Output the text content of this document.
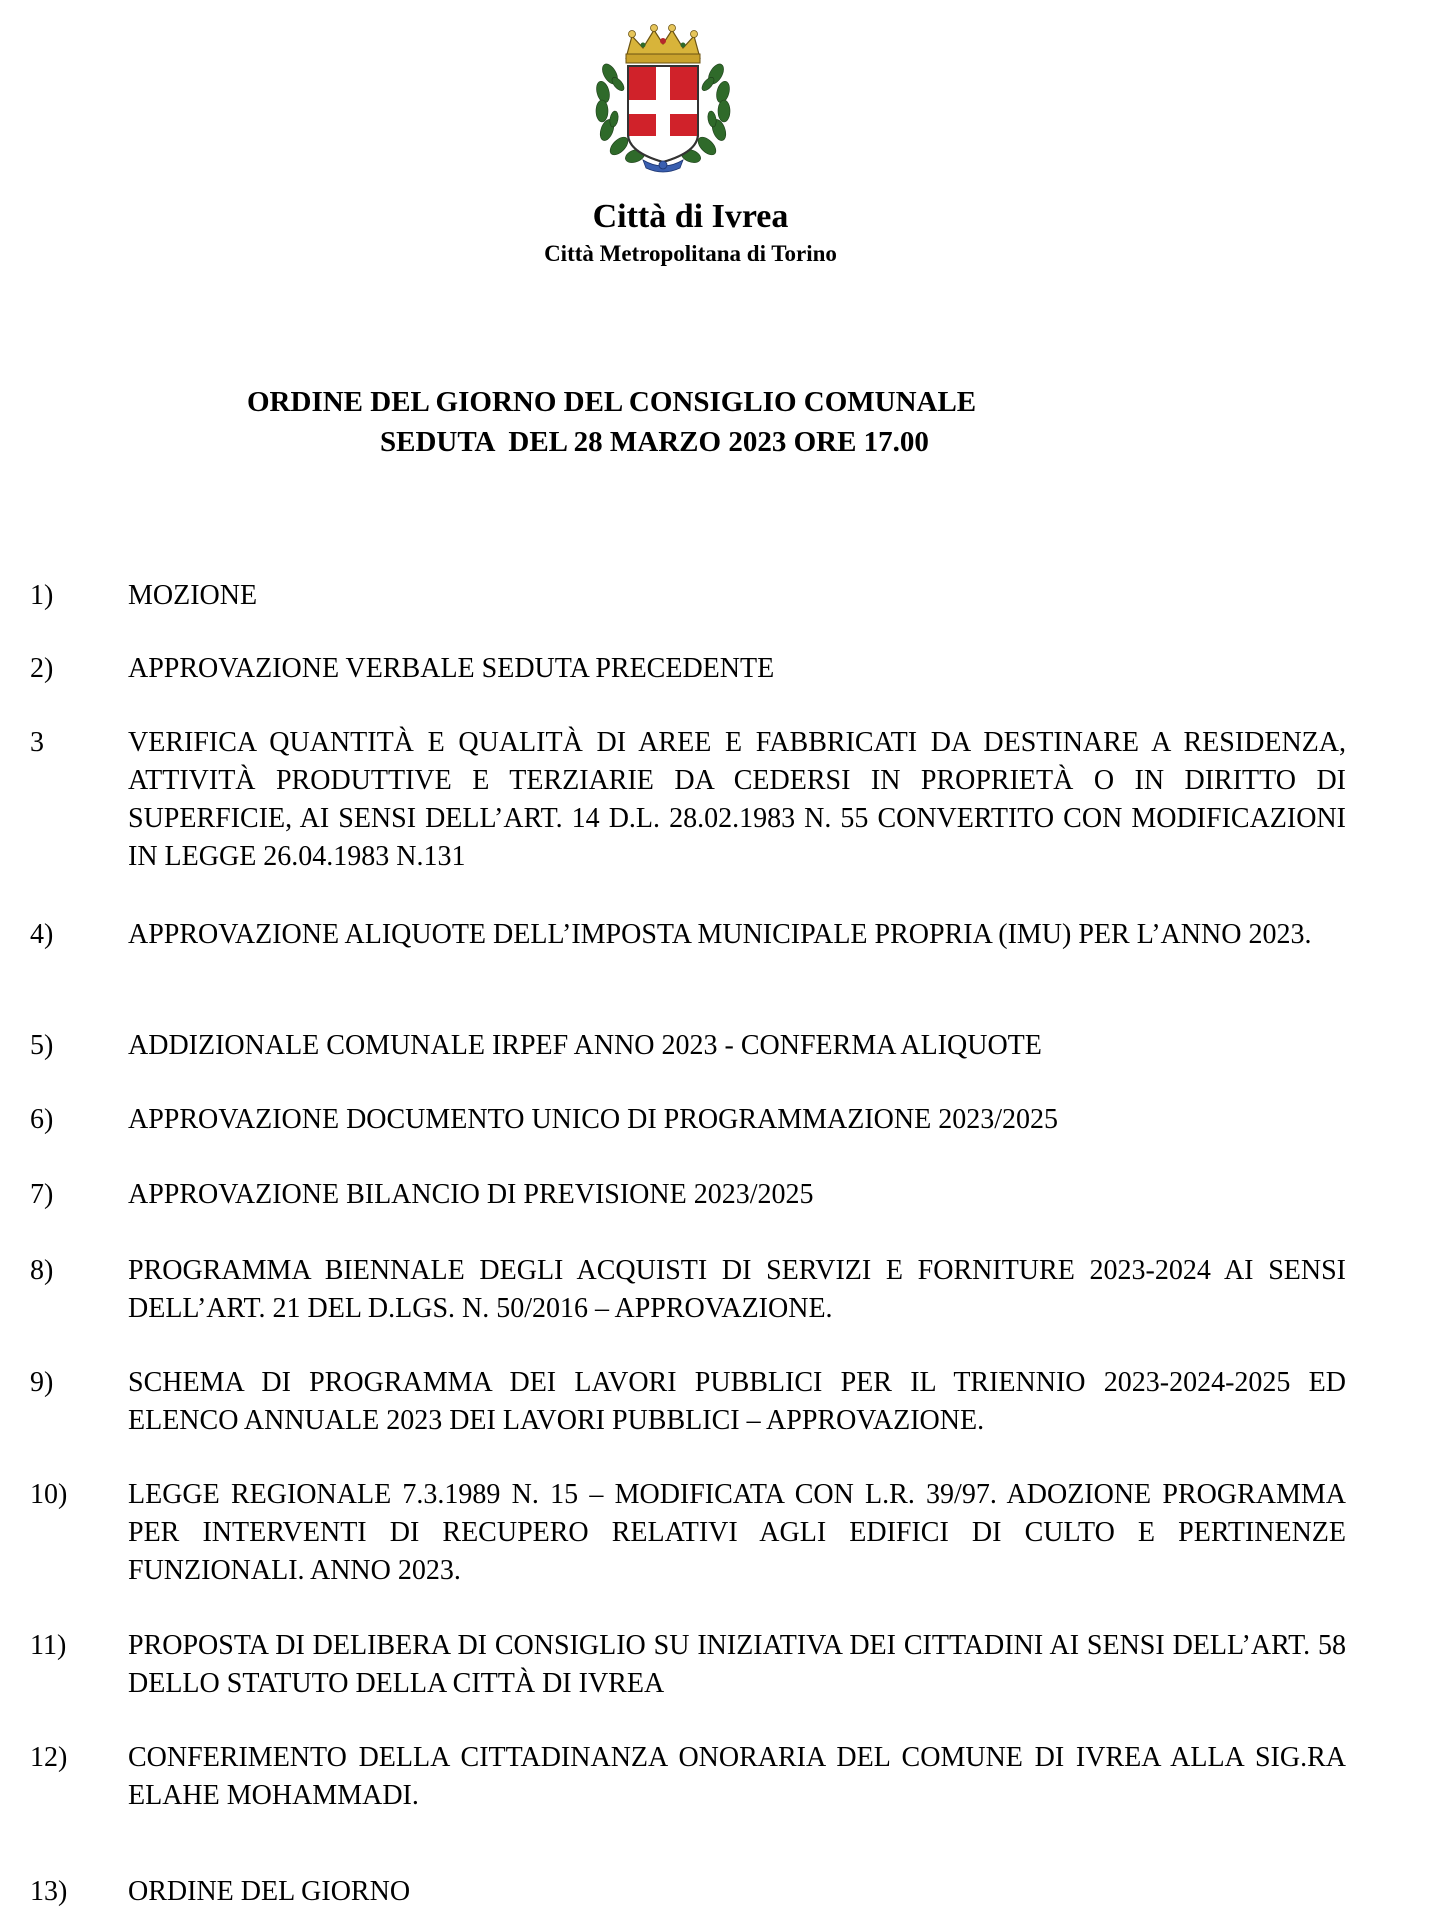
Città di Ivrea
Città Metropolitana di Torino
ORDINE DEL GIORNO DEL CONSIGLIO COMUNALE
SEDUTA  DEL 28 MARZO 2023 ORE 17.00
1)	MOZIONE
2)	APPROVAZIONE VERBALE SEDUTA PRECEDENTE
3	VERIFICA QUANTITÀ E QUALITÀ DI AREE E FABBRICATI DA DESTINARE A RESIDENZA, ATTIVITÀ PRODUTTIVE E TERZIARIE DA CEDERSI IN PROPRIETÀ O IN DIRITTO DI SUPERFICIE, AI SENSI DELL’ART. 14 D.L. 28.02.1983 N. 55 CONVERTITO CON MODIFICAZIONI IN LEGGE 26.04.1983 N.131
4)	APPROVAZIONE ALIQUOTE DELL’IMPOSTA MUNICIPALE PROPRIA (IMU) PER L’ANNO 2023.
5)	ADDIZIONALE COMUNALE IRPEF ANNO 2023 - CONFERMA ALIQUOTE
6)	APPROVAZIONE DOCUMENTO UNICO DI PROGRAMMAZIONE 2023/2025
7)	APPROVAZIONE BILANCIO DI PREVISIONE 2023/2025
8)	PROGRAMMA BIENNALE DEGLI ACQUISTI DI SERVIZI E FORNITURE 2023-2024 AI SENSI DELL’ART. 21 DEL D.LGS. N. 50/2016 – APPROVAZIONE.
9)	SCHEMA DI PROGRAMMA DEI LAVORI PUBBLICI PER IL TRIENNIO 2023-2024-2025 ED ELENCO ANNUALE 2023 DEI LAVORI PUBBLICI – APPROVAZIONE.
10) LEGGE REGIONALE 7.3.1989 N. 15 – MODIFICATA CON L.R. 39/97. ADOZIONE PROGRAMMA PER INTERVENTI DI RECUPERO RELATIVI AGLI EDIFICI DI CULTO E PERTINENZE FUNZIONALI. ANNO 2023.
11) PROPOSTA DI DELIBERA DI CONSIGLIO SU INIZIATIVA DEI CITTADINI AI SENSI DELL’ART. 58 DELLO STATUTO DELLA CITTÀ DI IVREA
12) CONFERIMENTO DELLA CITTADINANZA ONORARIA DEL COMUNE DI IVREA ALLA SIG.RA ELAHE MOHAMMADI.
13) ORDINE DEL GIORNO
